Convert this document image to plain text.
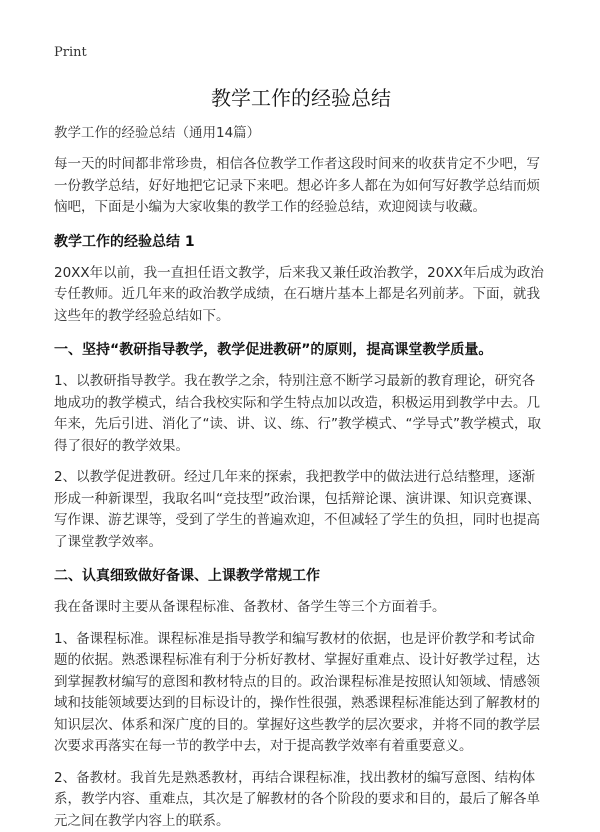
Print
教学工作的经验总结
教学工作的经验总结（通用14篇）

每一天的时间都非常珍贵，相信各位教学工作者这段时间来的收获肯定不少吧，写一份教学总结，好好地把它记录下来吧。想必许多人都在为如何写好教学总结而烦恼吧，下面是小编为大家收集的教学工作的经验总结，欢迎阅读与收藏。

教学工作的经验总结 1

20XX年以前，我一直担任语文教学，后来我又兼任政治教学，20XX年后成为政治专任教师。近几年来的政治教学成绩，在石塘片基本上都是名列前茅。下面，就我这些年的教学经验总结如下。

一、坚持“教研指导教学，教学促进教研”的原则，提高课堂教学质量。

1、以教研指导教学。我在教学之余，特别注意不断学习最新的教育理论，研究各地成功的教学模式，结合我校实际和学生特点加以改造，积极运用到教学中去。几年来，先后引进、消化了“读、讲、议、练、行”教学模式、“学导式”教学模式，取得了很好的教学效果。

2、以教学促进教研。经过几年来的探索，我把教学中的做法进行总结整理，逐渐形成一种新课型，我取名叫“竞技型”政治课，包括辩论课、演讲课、知识竞赛课、写作课、游艺课等，受到了学生的普遍欢迎，不但减轻了学生的负担，同时也提高了课堂教学效率。

二、认真细致做好备课、上课教学常规工作

我在备课时主要从备课程标准、备教材、备学生等三个方面着手。

1、备课程标准。课程标准是指导教学和编写教材的依据，也是评价教学和考试命题的依据。熟悉课程标准有利于分析好教材、掌握好重难点、设计好教学过程，达到掌握教材编写的意图和教材特点的目的。政治课程标准是按照认知领域、情感领域和技能领域要达到的目标设计的，操作性很强，熟悉课程标准能达到了解教材的知识层次、体系和深广度的目的。掌握好这些教学的层次要求，并将不同的教学层次要求再落实在每一节的教学中去，对于提高教学效率有着重要意义。

2、备教材。我首先是熟悉教材，再结合课程标准，找出教材的编写意图、结构体系，教学内容、重难点，其次是了解教材的各个阶段的要求和目的，最后了解各单元之间在教学内容上的联系。
